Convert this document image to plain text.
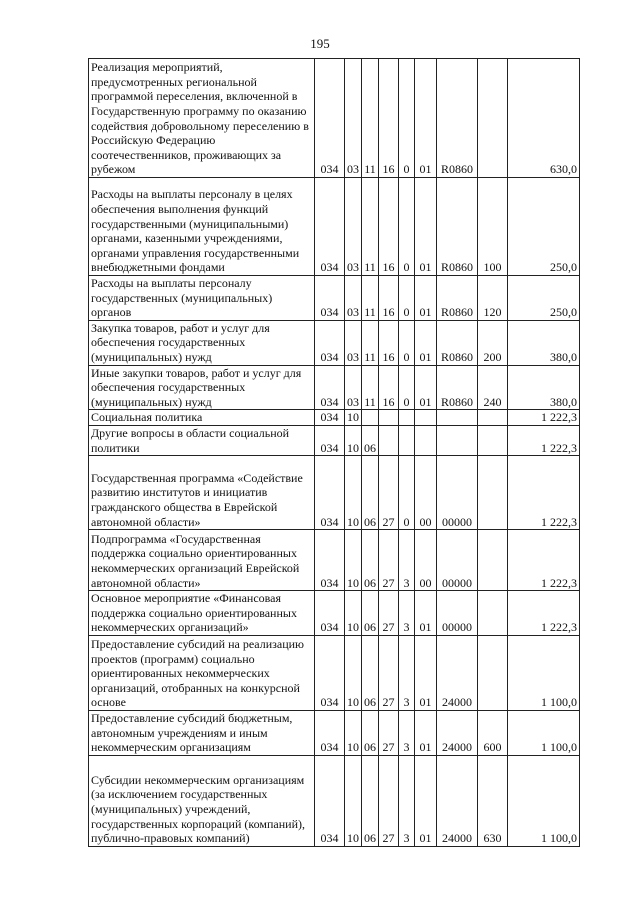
195
Реализация мероприятий, предусмотренных региональной программой переселения, включенной в Государственную программу по оказанию содействия добровольному переселению в Российскую Федерацию соотечественников, проживающих за рубежом	034	03	11	16	0	01	R0860		630,0
Расходы на выплаты персоналу в целях обеспечения выполнения функций государственными (муниципальными) органами, казенными учреждениями, органами управления государственными внебюджетными фондами	034	03	11	16	0	01	R0860	100	250,0
Расходы на выплаты персоналу государственных (муниципальных) органов	034	03	11	16	0	01	R0860	120	250,0
Закупка товаров, работ и услуг для обеспечения государственных (муниципальных) нужд	034	03	11	16	0	01	R0860	200	380,0
Иные закупки товаров, работ и услуг для обеспечения государственных (муниципальных) нужд	034	03	11	16	0	01	R0860	240	380,0
Социальная политика	034	10							1 222,3
Другие вопросы в области социальной политики	034	10	06						1 222,3
Государственная программа «Содействие развитию институтов и инициатив гражданского общества в Еврейской автономной области»	034	10	06	27	0	00	00000		1 222,3
Подпрограмма «Государственная поддержка социально ориентированных некоммерческих организаций Еврейской автономной области»	034	10	06	27	3	00	00000		1 222,3
Основное мероприятие «Финансовая поддержка социально ориентированных некоммерческих организаций»	034	10	06	27	3	01	00000		1 222,3
Предоставление субсидий на реализацию проектов (программ) социально ориентированных некоммерческих организаций, отобранных на конкурсной основе	034	10	06	27	3	01	24000		1 100,0
Предоставление субсидий бюджетным, автономным учреждениям и иным некоммерческим организациям	034	10	06	27	3	01	24000	600	1 100,0
Субсидии некоммерческим организациям (за исключением государственных (муниципальных) учреждений, государственных корпораций (компаний), публично-правовых компаний)	034	10	06	27	3	01	24000	630	1 100,0
